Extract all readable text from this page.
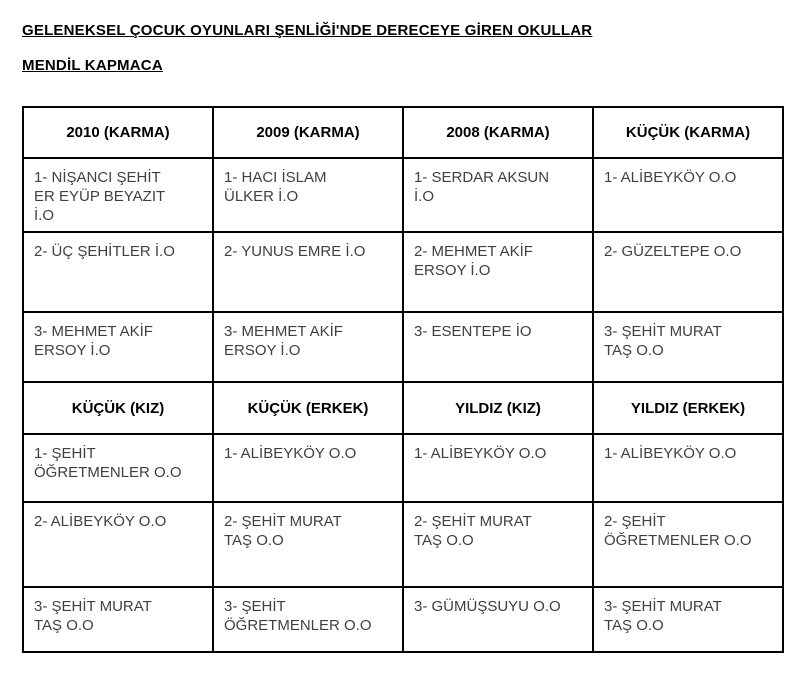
GELENEKSEL ÇOCUK OYUNLARI ŞENLİĞİ'NDE DERECEYE GİREN OKULLAR
MENDİL KAPMACA
2010 (KARMA)	2009 (KARMA)	2008 (KARMA)	KÜÇÜK (KARMA)
1- NİŞANCI ŞEHİT ER EYÜP BEYAZIT İ.O	1- HACI İSLAM ÜLKER İ.O	1- SERDAR AKSUN İ.O	1- ALİBEYKÖY O.O
2- ÜÇ ŞEHİTLER İ.O	2- YUNUS EMRE İ.O	2- MEHMET AKİF ERSOY İ.O	2- GÜZELTEPE O.O
3- MEHMET AKİF ERSOY İ.O	3- MEHMET AKİF ERSOY İ.O	3- ESENTEPE İO	3- ŞEHİT MURAT TAŞ O.O
KÜÇÜK (KIZ)	KÜÇÜK (ERKEK)	YILDIZ (KIZ)	YILDIZ (ERKEK)
1- ŞEHİT ÖĞRETMENLER O.O	1- ALİBEYKÖY O.O	1- ALİBEYKÖY O.O	1- ALİBEYKÖY O.O
2- ALİBEYKÖY O.O	2- ŞEHİT MURAT TAŞ O.O	2- ŞEHİT MURAT TAŞ O.O	2- ŞEHİT ÖĞRETMENLER O.O
3- ŞEHİT MURAT TAŞ O.O	3- ŞEHİT ÖĞRETMENLER O.O	3- GÜMÜŞSUYU O.O	3- ŞEHİT MURAT TAŞ O.O
